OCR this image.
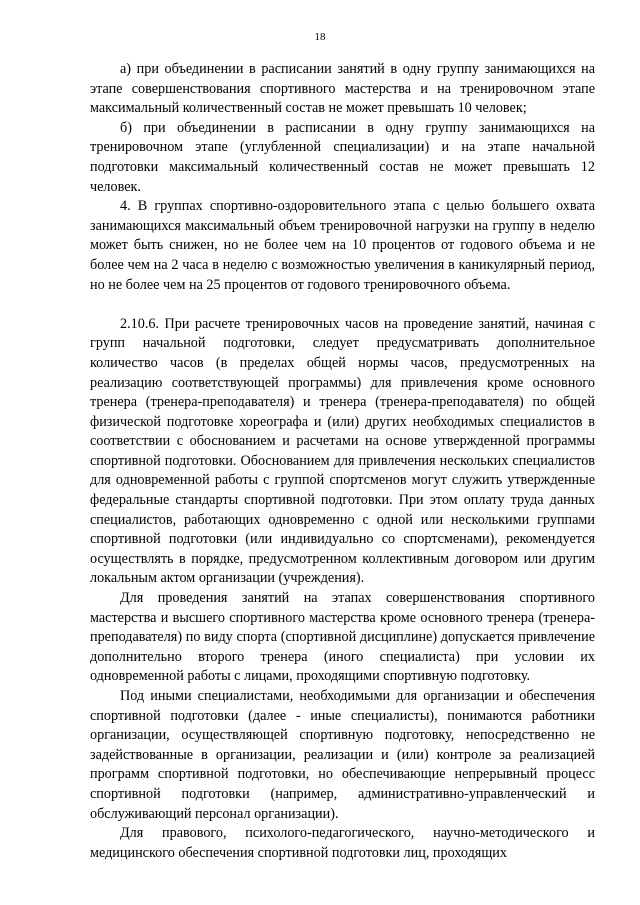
18

а) при объединении в расписании занятий в одну группу занимающихся на этапе совершенствования спортивного мастерства и на тренировочном этапе максимальный количественный состав не может превышать 10 человек;

б) при объединении в расписании в одну группу занимающихся на тренировочном этапе (углубленной специализации) и на этапе начальной подготовки максимальный количественный состав не может превышать 12 человек.

4. В группах спортивно-оздоровительного этапа с целью большего охвата занимающихся максимальный объем тренировочной нагрузки на группу в неделю может быть снижен, но не более чем на 10 процентов от годового объема и не более чем на 2 часа в неделю с возможностью увеличения в каникулярный период, но не более чем на 25 процентов от годового тренировочного объема.

2.10.6. При расчете тренировочных часов на проведение занятий, начиная с групп начальной подготовки, следует предусматривать дополнительное количество часов (в пределах общей нормы часов, предусмотренных на реализацию соответствующей программы) для привлечения кроме основного тренера (тренера-преподавателя) и тренера (тренера-преподавателя) по общей физической подготовке хореографа и (или) других необходимых специалистов в соответствии с обоснованием и расчетами на основе утвержденной программы спортивной подготовки. Обоснованием для привлечения нескольких специалистов для одновременной работы с группой спортсменов могут служить утвержденные федеральные стандарты спортивной подготовки. При этом оплату труда данных специалистов, работающих одновременно с одной или несколькими группами спортивной подготовки (или индивидуально со спортсменами), рекомендуется осуществлять в порядке, предусмотренном коллективным договором или другим локальным актом организации (учреждения).

Для проведения занятий на этапах совершенствования спортивного мастерства и высшего спортивного мастерства кроме основного тренера (тренера-преподавателя) по виду спорта (спортивной дисциплине) допускается привлечение дополнительно второго тренера (иного специалиста) при условии их одновременной работы с лицами, проходящими спортивную подготовку.

Под иными специалистами, необходимыми для организации и обеспечения спортивной подготовки (далее - иные специалисты), понимаются работники организации, осуществляющей спортивную подготовку, непосредственно не задействованные в организации, реализации и (или) контроле за реализацией программ спортивной подготовки, но обеспечивающие непрерывный процесс спортивной подготовки (например, административно-управленческий и обслуживающий персонал организации).

Для правового, психолого-педагогического, научно-методического и медицинского обеспечения спортивной подготовки лиц, проходящих
